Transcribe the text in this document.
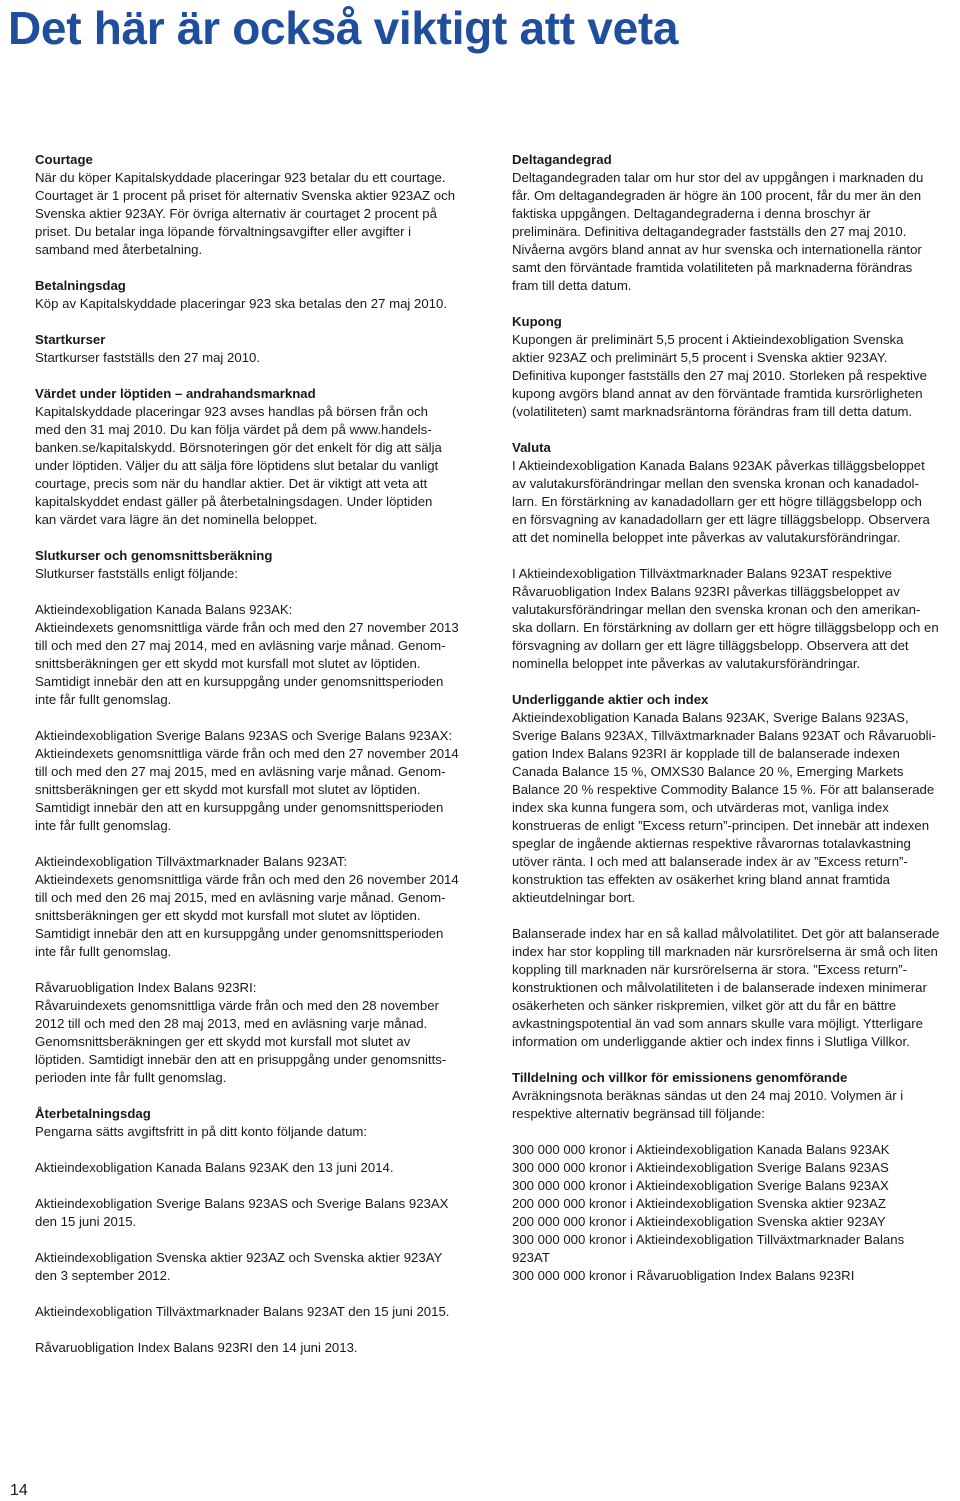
Det här är också viktigt att veta
Courtage

När du köper Kapitalskyddade placeringar 923 betalar du ett courtage.
Courtaget är 1 procent på priset för alternativ Svenska aktier 923AZ och
Svenska aktier 923AY. För övriga alternativ är courtaget 2 procent på
priset. Du betalar inga löpande förvaltningsavgifter eller avgifter i
samband med återbetalning.

Betalningsdag

Köp av Kapitalskyddade placeringar 923 ska betalas den 27 maj 2010.

Startkurser

Startkurser fastställs den 27 maj 2010.

Värdet under löptiden – andrahandsmarknad

Kapitalskyddade placeringar 923 avses handlas på börsen från och
med den 31 maj 2010. Du kan följa värdet på dem på www.handels-
banken.se/kapitalskydd. Börsnoteringen gör det enkelt för dig att sälja
under löptiden. Väljer du att sälja före löptidens slut betalar du vanligt
courtage, precis som när du handlar aktier. Det är viktigt att veta att
kapitalskyddet endast gäller på återbetalningsdagen. Under löptiden
kan värdet vara lägre än det nominella beloppet.

Slutkurser och genomsnittsberäkning

Slutkurser fastställs enligt följande:

Aktieindexobligation Kanada Balans 923AK:
Aktieindexets genomsnittliga värde från och med den 27 november 2013
till och med den 27 maj 2014, med en avläsning varje månad. Genom-
snittsberäkningen ger ett skydd mot kursfall mot slutet av löptiden.
Samtidigt innebär den att en kursuppgång under genomsnittsperioden
inte får fullt genomslag.

Aktieindexobligation Sverige Balans 923AS och Sverige Balans 923AX:
Aktieindexets genomsnittliga värde från och med den 27 november 2014
till och med den 27 maj 2015, med en avläsning varje månad. Genom-
snittsberäkningen ger ett skydd mot kursfall mot slutet av löptiden.
Samtidigt innebär den att en kursuppgång under genomsnittsperioden
inte får fullt genomslag.

Aktieindexobligation Tillväxtmarknader Balans 923AT:
Aktieindexets genomsnittliga värde från och med den 26 november 2014
till och med den 26 maj 2015, med en avläsning varje månad. Genom-
snittsberäkningen ger ett skydd mot kursfall mot slutet av löptiden.
Samtidigt innebär den att en kursuppgång under genomsnittsperioden
inte får fullt genomslag.

Råvaruobligation Index Balans 923RI:
Råvaruindexets genomsnittliga värde från och med den 28 november
2012 till och med den 28 maj 2013, med en avläsning varje månad.
Genomsnittsberäkningen ger ett skydd mot kursfall mot slutet av
löptiden. Samtidigt innebär den att en prisuppgång under genomsnitts-
perioden inte får fullt genomslag.

Återbetalningsdag

Pengarna sätts avgiftsfritt in på ditt konto följande datum:

Aktieindexobligation Kanada Balans 923AK den 13 juni 2014.

Aktieindexobligation Sverige Balans 923AS och Sverige Balans 923AX
den 15 juni 2015.

Aktieindexobligation Svenska aktier 923AZ och Svenska aktier 923AY
den 3 september 2012.

Aktieindexobligation Tillväxtmarknader Balans 923AT den 15 juni 2015.

Råvaruobligation Index Balans 923RI den 14 juni 2013.

Deltagandegrad

Deltagandegraden talar om hur stor del av uppgången i marknaden du
får. Om deltagandegraden är högre än 100 procent, får du mer än den
faktiska uppgången. Deltagandegraderna i denna broschyr är
preliminära. Definitiva deltagandegrader fastställs den 27 maj 2010.
Nivåerna avgörs bland annat av hur svenska och internationella räntor
samt den förväntade framtida volatiliteten på marknaderna förändras
fram till detta datum.

Kupong

Kupongen är preliminärt 5,5 procent i Aktieindexobligation Svenska
aktier 923AZ och preliminärt 5,5 procent i Svenska aktier 923AY.
Definitiva kuponger fastställs den 27 maj 2010. Storleken på respektive
kupong avgörs bland annat av den förväntade framtida kursrörligheten
(volatiliteten) samt marknadsräntorna förändras fram till detta datum.

Valuta

I Aktieindexobligation Kanada Balans 923AK påverkas tilläggsbeloppet
av valutakursförändringar mellan den svenska kronan och kanadadol-
larn. En förstärkning av kanadadollarn ger ett högre tilläggsbelopp och
en försvagning av kanadadollarn ger ett lägre tilläggsbelopp. Observera
att det nominella beloppet inte påverkas av valutakursförändringar.

I Aktieindexobligation Tillväxtmarknader Balans 923AT respektive
Råvaruobligation Index Balans 923RI påverkas tilläggsbeloppet av
valutakursförändringar mellan den svenska kronan och den amerikan-
ska dollarn. En förstärkning av dollarn ger ett högre tilläggsbelopp och en
försvagning av dollarn ger ett lägre tilläggsbelopp. Observera att det
nominella beloppet inte påverkas av valutakursförändringar.

Underliggande aktier och index

Aktieindexobligation Kanada Balans 923AK, Sverige Balans 923AS,
Sverige Balans 923AX, Tillväxtmarknader Balans 923AT och Råvaruobli-
gation Index Balans 923RI är kopplade till de balanserade indexen
Canada Balance 15 %, OMXS30 Balance 20 %, Emerging Markets
Balance 20 % respektive Commodity Balance 15 %. För att balanserade
index ska kunna fungera som, och utvärderas mot, vanliga index
konstrueras de enligt ”Excess return”-principen. Det innebär att indexen
speglar de ingående aktiernas respektive råvarornas totalavkastning
utöver ränta. I och med att balanserade index är av ”Excess return”-
konstruktion tas effekten av osäkerhet kring bland annat framtida
aktieutdelningar bort.

Balanserade index har en så kallad målvolatilitet. Det gör att balanserade
index har stor koppling till marknaden när kursrörelserna är små och liten
koppling till marknaden när kursrörelserna är stora. ”Excess return”-
konstruktionen och målvolatiliteten i de balanserade indexen minimerar
osäkerheten och sänker riskpremien, vilket gör att du får en bättre
avkastningspotential än vad som annars skulle vara möjligt. Ytterligare
information om underliggande aktier och index finns i Slutliga Villkor.

Tilldelning och villkor för emissionens genomförande

Avräkningsnota beräknas sändas ut den 24 maj 2010. Volymen är i
respektive alternativ begränsad till följande:

300 000 000 kronor i Aktieindexobligation Kanada Balans 923AK
300 000 000 kronor i Aktieindexobligation Sverige Balans 923AS
300 000 000 kronor i Aktieindexobligation Sverige Balans 923AX
200 000 000 kronor i Aktieindexobligation Svenska aktier 923AZ
200 000 000 kronor i Aktieindexobligation Svenska aktier 923AY
300 000 000 kronor i Aktieindexobligation Tillväxtmarknader Balans
923AT
300 000 000 kronor i Råvaruobligation Index Balans 923RI

14
